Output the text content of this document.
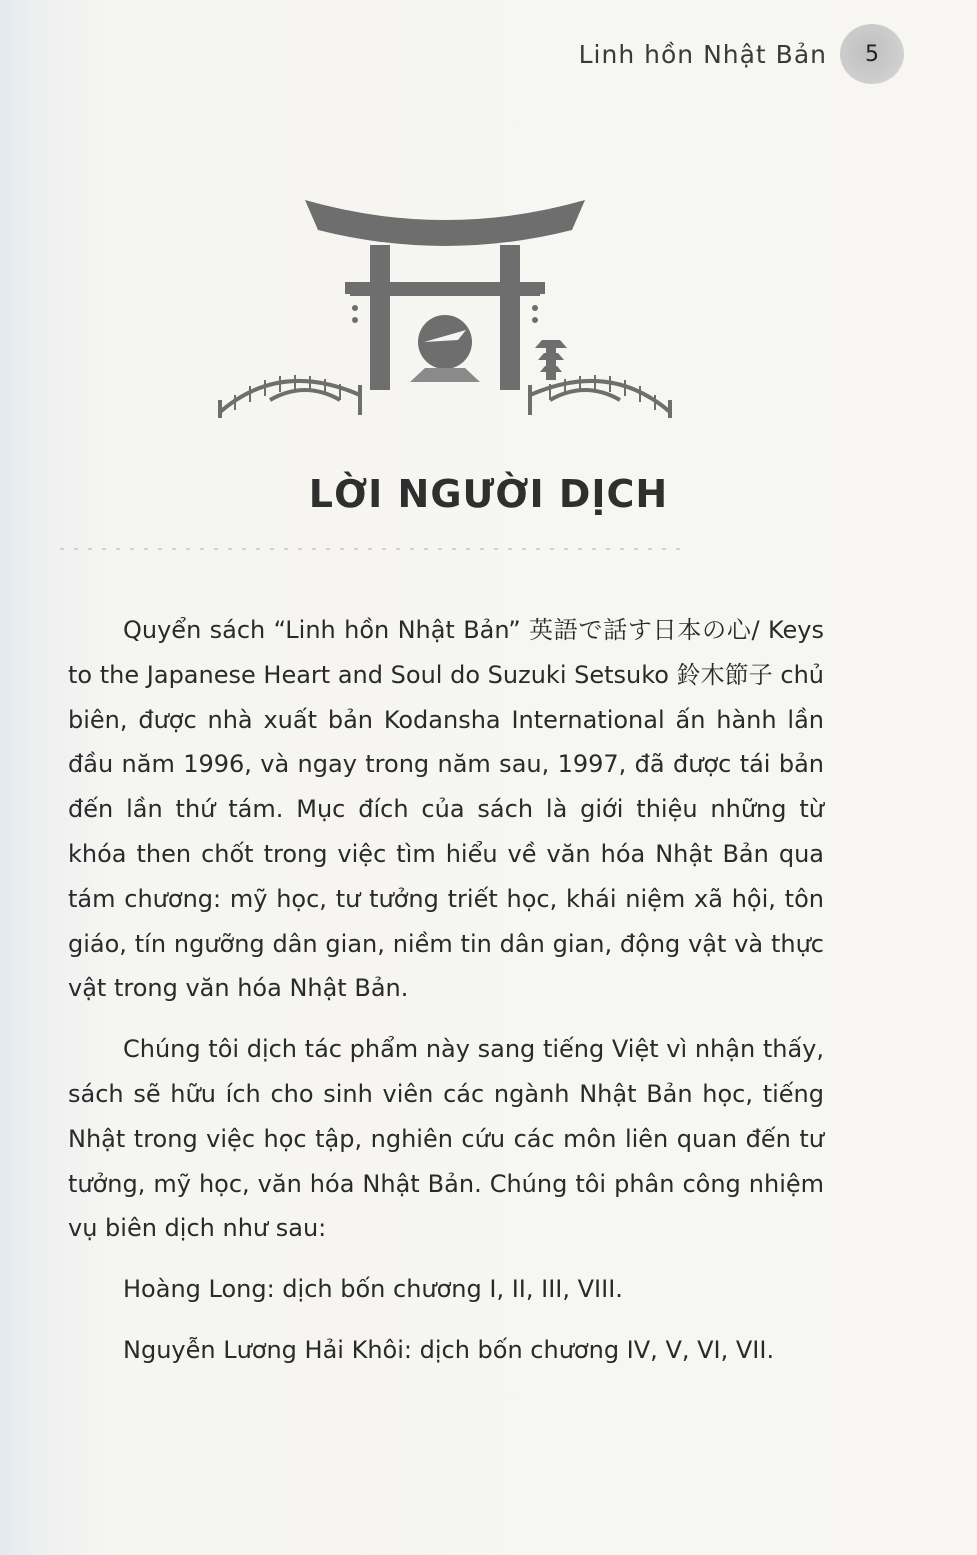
Linh hồn Nhật Bản 5
LỜI NGƯỜI DỊCH

Quyển sách “Linh hồn Nhật Bản” 英語で話す日本の心/ Keys to the Japanese Heart and Soul do Suzuki Setsuko 鈴木節子 chủ biên, được nhà xuất bản Kodansha International ấn hành lần đầu năm 1996, và ngay trong năm sau, 1997, đã được tái bản đến lần thứ tám. Mục đích của sách là giới thiệu những từ khóa then chốt trong việc tìm hiểu về văn hóa Nhật Bản qua tám chương: mỹ học, tư tưởng triết học, khái niệm xã hội, tôn giáo, tín ngưỡng dân gian, niềm tin dân gian, động vật và thực vật trong văn hóa Nhật Bản.

Chúng tôi dịch tác phẩm này sang tiếng Việt vì nhận thấy, sách sẽ hữu ích cho sinh viên các ngành Nhật Bản học, tiếng Nhật trong việc học tập, nghiên cứu các môn liên quan đến tư tưởng, mỹ học, văn hóa Nhật Bản. Chúng tôi phân công nhiệm vụ biên dịch như sau:

Hoàng Long: dịch bốn chương I, II, III, VIII.

Nguyễn Lương Hải Khôi: dịch bốn chương IV, V, VI, VII.
